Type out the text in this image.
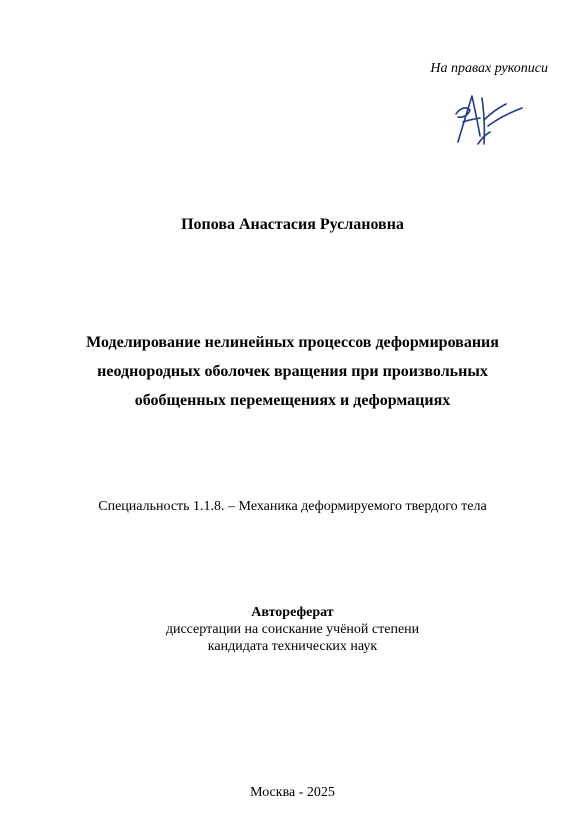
На правах рукописи
Попова Анастасия Руслановна
Моделирование нелинейных процессов деформирования
неоднородных оболочек вращения при произвольных
обобщенных перемещениях и деформациях
Специальность 1.1.8. – Механика деформируемого твердого тела
Автореферат
диссертации на соискание учёной степени
кандидата технических наук
Москва - 2025
